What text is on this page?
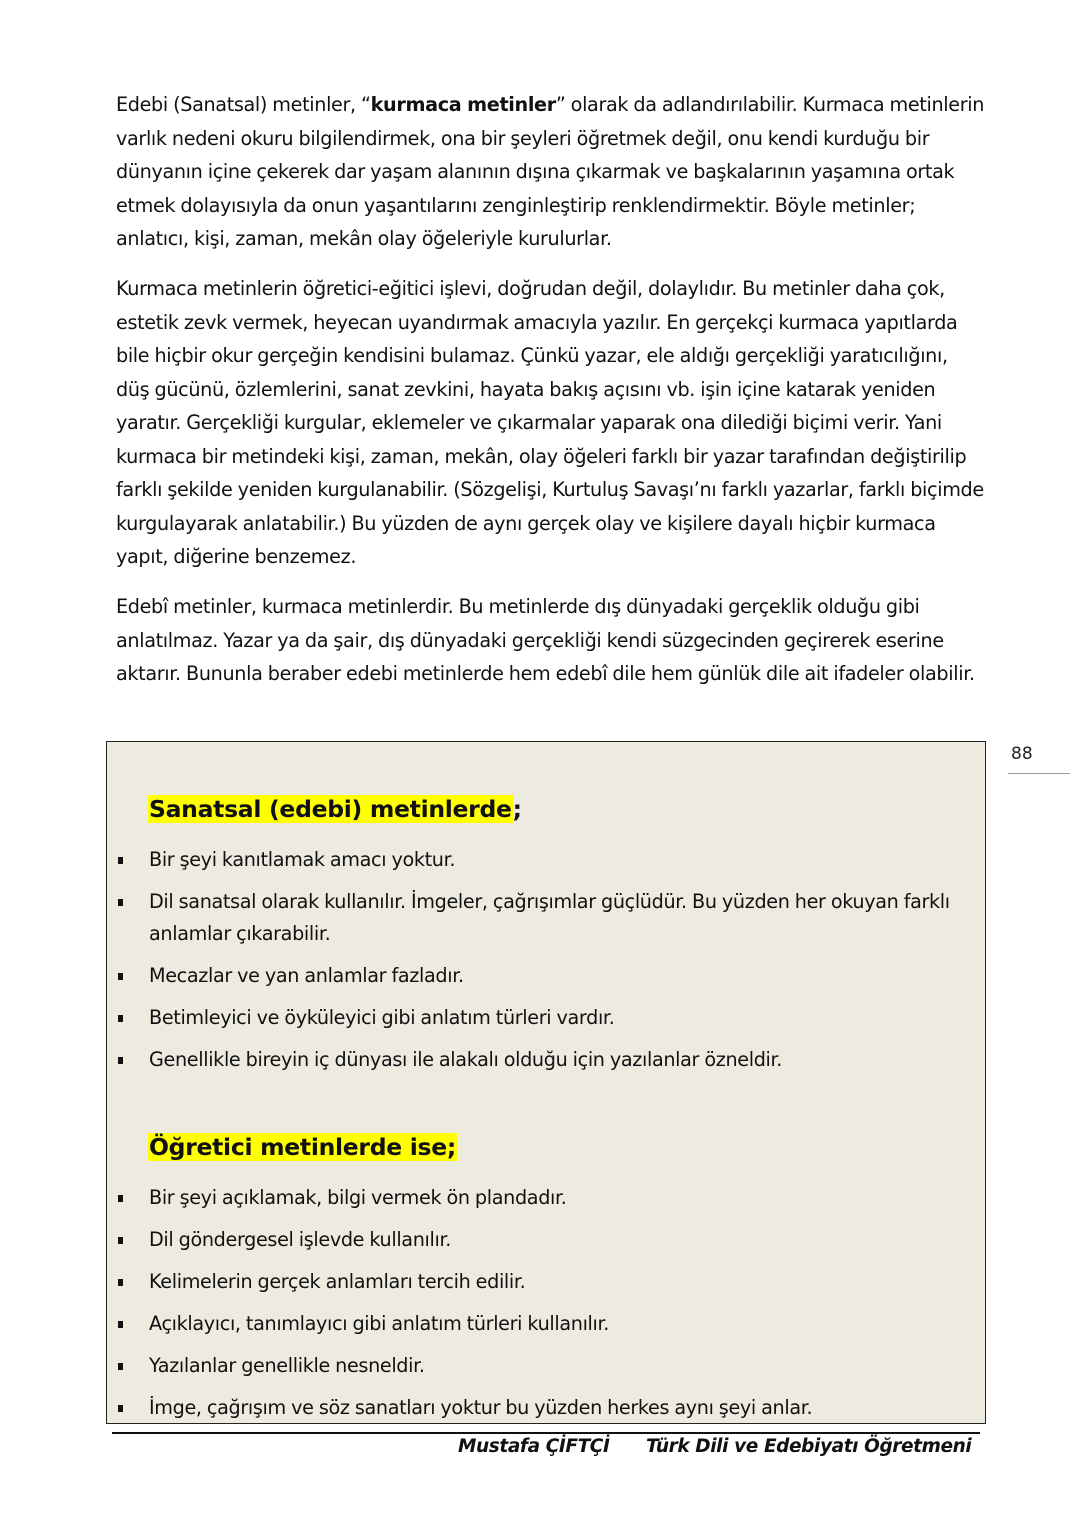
Edebi (Sanatsal) metinler, “kurmaca metinler” olarak da adlandırılabilir. Kurmaca metinlerin varlık nedeni okuru bilgilendirmek, ona bir şeyleri öğretmek değil, onu kendi kurduğu bir dünyanın içine çekerek dar yaşam alanının dışına çıkarmak ve başkalarının yaşamına ortak etmek dolayısıyla da onun yaşantılarını zenginleştirip renklendirmektir. Böyle metinler; anlatıcı, kişi, zaman, mekân olay öğeleriyle kurulurlar.

Kurmaca metinlerin öğretici-eğitici işlevi, doğrudan değil, dolaylıdır. Bu metinler daha çok, estetik zevk vermek, heyecan uyandırmak amacıyla yazılır. En gerçekçi kurmaca yapıtlarda bile hiçbir okur gerçeğin kendisini bulamaz. Çünkü yazar, ele aldığı gerçekliği yaratıcılığını, düş gücünü, özlemlerini, sanat zevkini, hayata bakış açısını vb. işin içine katarak yeniden yaratır. Gerçekliği kurgular, eklemeler ve çıkarmalar yaparak ona dilediği biçimi verir. Yani kurmaca bir metindeki kişi, zaman, mekân, olay öğeleri farklı bir yazar tarafından değiştirilip farklı şekilde yeniden kurgulanabilir. (Sözgelişi, Kurtuluş Savaşı’nı farklı yazarlar, farklı biçimde kurgulayarak anlatabilir.) Bu yüzden de aynı gerçek olay ve kişilere dayalı hiçbir kurmaca yapıt, diğerine benzemez.

Edebî metinler, kurmaca metinlerdir. Bu metinlerde dış dünyadaki gerçeklik olduğu gibi anlatılmaz. Yazar ya da şair, dış dünyadaki gerçekliği kendi süzgecinden geçirerek eserine aktarır. Bununla beraber edebi metinlerde hem edebî dile hem günlük dile ait ifadeler olabilir.

88
Sanatsal (edebi) metinlerde;
Bir şeyi kanıtlamak amacı yoktur.
Dil sanatsal olarak kullanılır. İmgeler, çağrışımlar güçlüdür. Bu yüzden her okuyan farklı anlamlar çıkarabilir.
Mecazlar ve yan anlamlar fazladır.
Betimleyici ve öyküleyici gibi anlatım türleri vardır.
Genellikle bireyin iç dünyası ile alakalı olduğu için yazılanlar özneldir.
Öğretici metinlerde ise;
Bir şeyi açıklamak, bilgi vermek ön plandadır.
Dil göndergesel işlevde kullanılır.
Kelimelerin gerçek anlamları tercih edilir.
Açıklayıcı, tanımlayıcı gibi anlatım türleri kullanılır.
Yazılanlar genellikle nesneldir.
İmge, çağrışım ve söz sanatları yoktur bu yüzden herkes aynı şeyi anlar.
Mustafa ÇİFTÇİ Türk Dili ve Edebiyatı Öğretmeni
